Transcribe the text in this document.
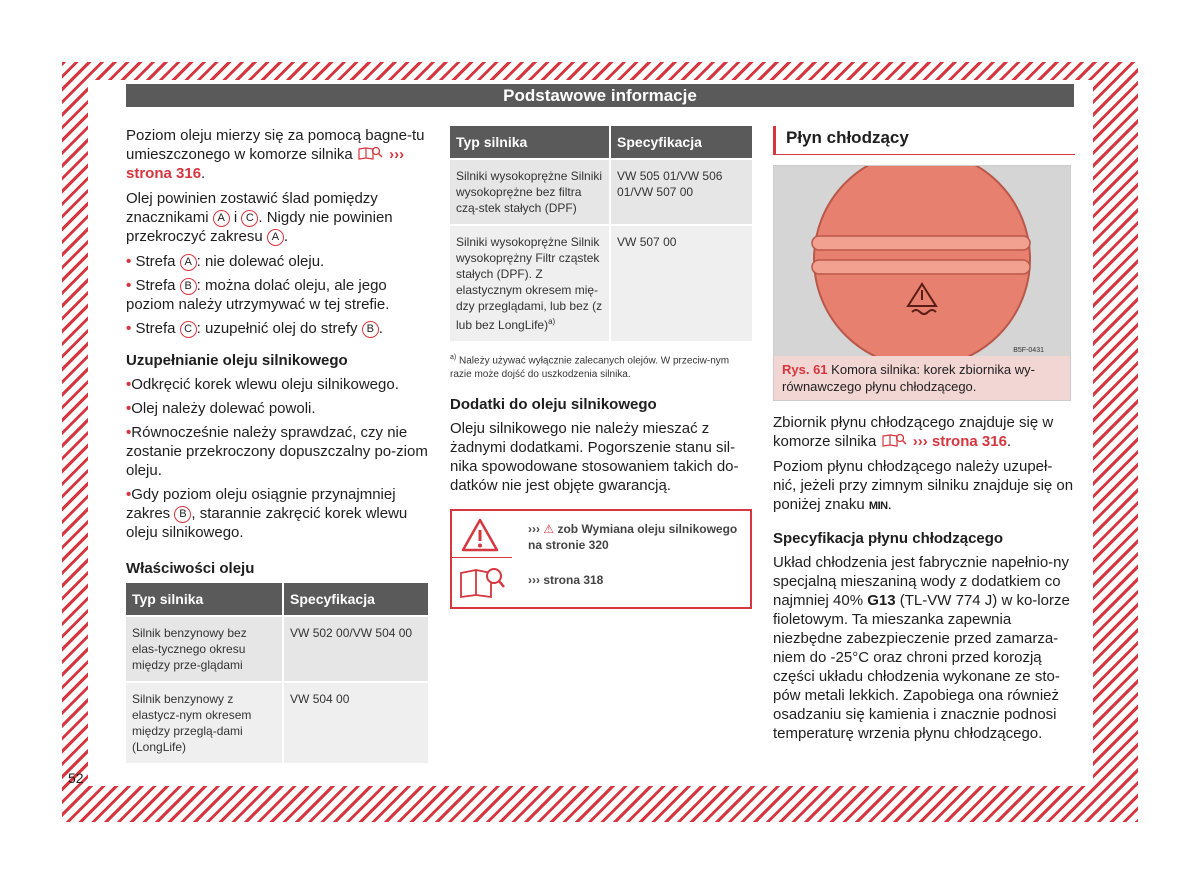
Podstawowe informacje

Poziom oleju mierzy się za pomocą bagne-tu umieszczonego w komorze silnika ››› strona 316.

Olej powinien zostawić ślad pomiędzy znacznikami A i C . Nigdy nie powinien przekroczyć zakresu A .

• Strefa A : nie dolewać oleju.
• Strefa B : można dolać oleju, ale jego poziom należy utrzymywać w tej strefie.
• Strefa C : uzupełnić olej do strefy B .
Uzupełnianie oleju silnikowego
•Odkręcić korek wlewu oleju silnikowego.
•Olej należy dolewać powoli.
•Równocześnie należy sprawdzać, czy nie zostanie przekroczony dopuszczalny po-ziom oleju.
•Gdy poziom oleju osiągnie przynajmniej zakres B , starannie zakręcić korek wlewu oleju silnikowego.
Właściwości oleju
Typ silnika	Specyfikacja
Silnik benzynowy bez elas-tycznego okresu między prze-glądami	VW 502 00/VW 504 00
Silnik benzynowy z elastycz-nym okresem między przeglą-dami (LongLife)	VW 504 00
Typ silnika	Specyfikacja
Silniki wysokoprężne Silniki wysokoprężne bez filtra czą-stek stałych (DPF)	VW 505 01/VW 506 01/VW 507 00
Silniki wysokoprężne Silnik wysokoprężny Filtr cząstek stałych (DPF). Z elastycznym okresem mię-dzy przeglądami, lub bez (z lub bez LongLife)$^{a)}$	VW 507 00
$^{a)}$ Należy używać wyłącznie zalecanych olejów. W przeciw-nym razie może dojść do uszkodzenia silnika.
Dodatki do oleju silnikowego

Oleju silnikowego nie należy mieszać z żadnymi dodatkami. Pogorszenie stanu sil-nika spowodowane stosowaniem takich do-datków nie jest objęte gwarancją.

››› ⚠ zob Wymiana oleju silnikowego na stronie 320
››› strona 318
Płyn chłodzący
B5F-0431
Rys. 61 Komora silnika: korek zbiornika wy-równawczego płynu chłodzącego.

Zbiornik płynu chłodzącego znajduje się w komorze silnika ››› strona 316.

Poziom płynu chłodzącego należy uzupeł-nić, jeżeli przy zimnym silniku znajduje się on poniżej znaku MIN.

Specyfikacja płynu chłodzącego

Układ chłodzenia jest fabrycznie napełnio-ny specjalną mieszaniną wody z dodatkiem co najmniej 40% G13 (TL-VW 774 J) w ko-lorze fioletowym. Ta mieszanka zapewnia niezbędne zabezpieczenie przed zamarza-niem do -25°C oraz chroni przed korozją części układu chłodzenia wykonane ze sto-pów metali lekkich. Zapobiega ona również osadzaniu się kamienia i znacznie podnosi temperaturę wrzenia płynu chłodzącego.

52
